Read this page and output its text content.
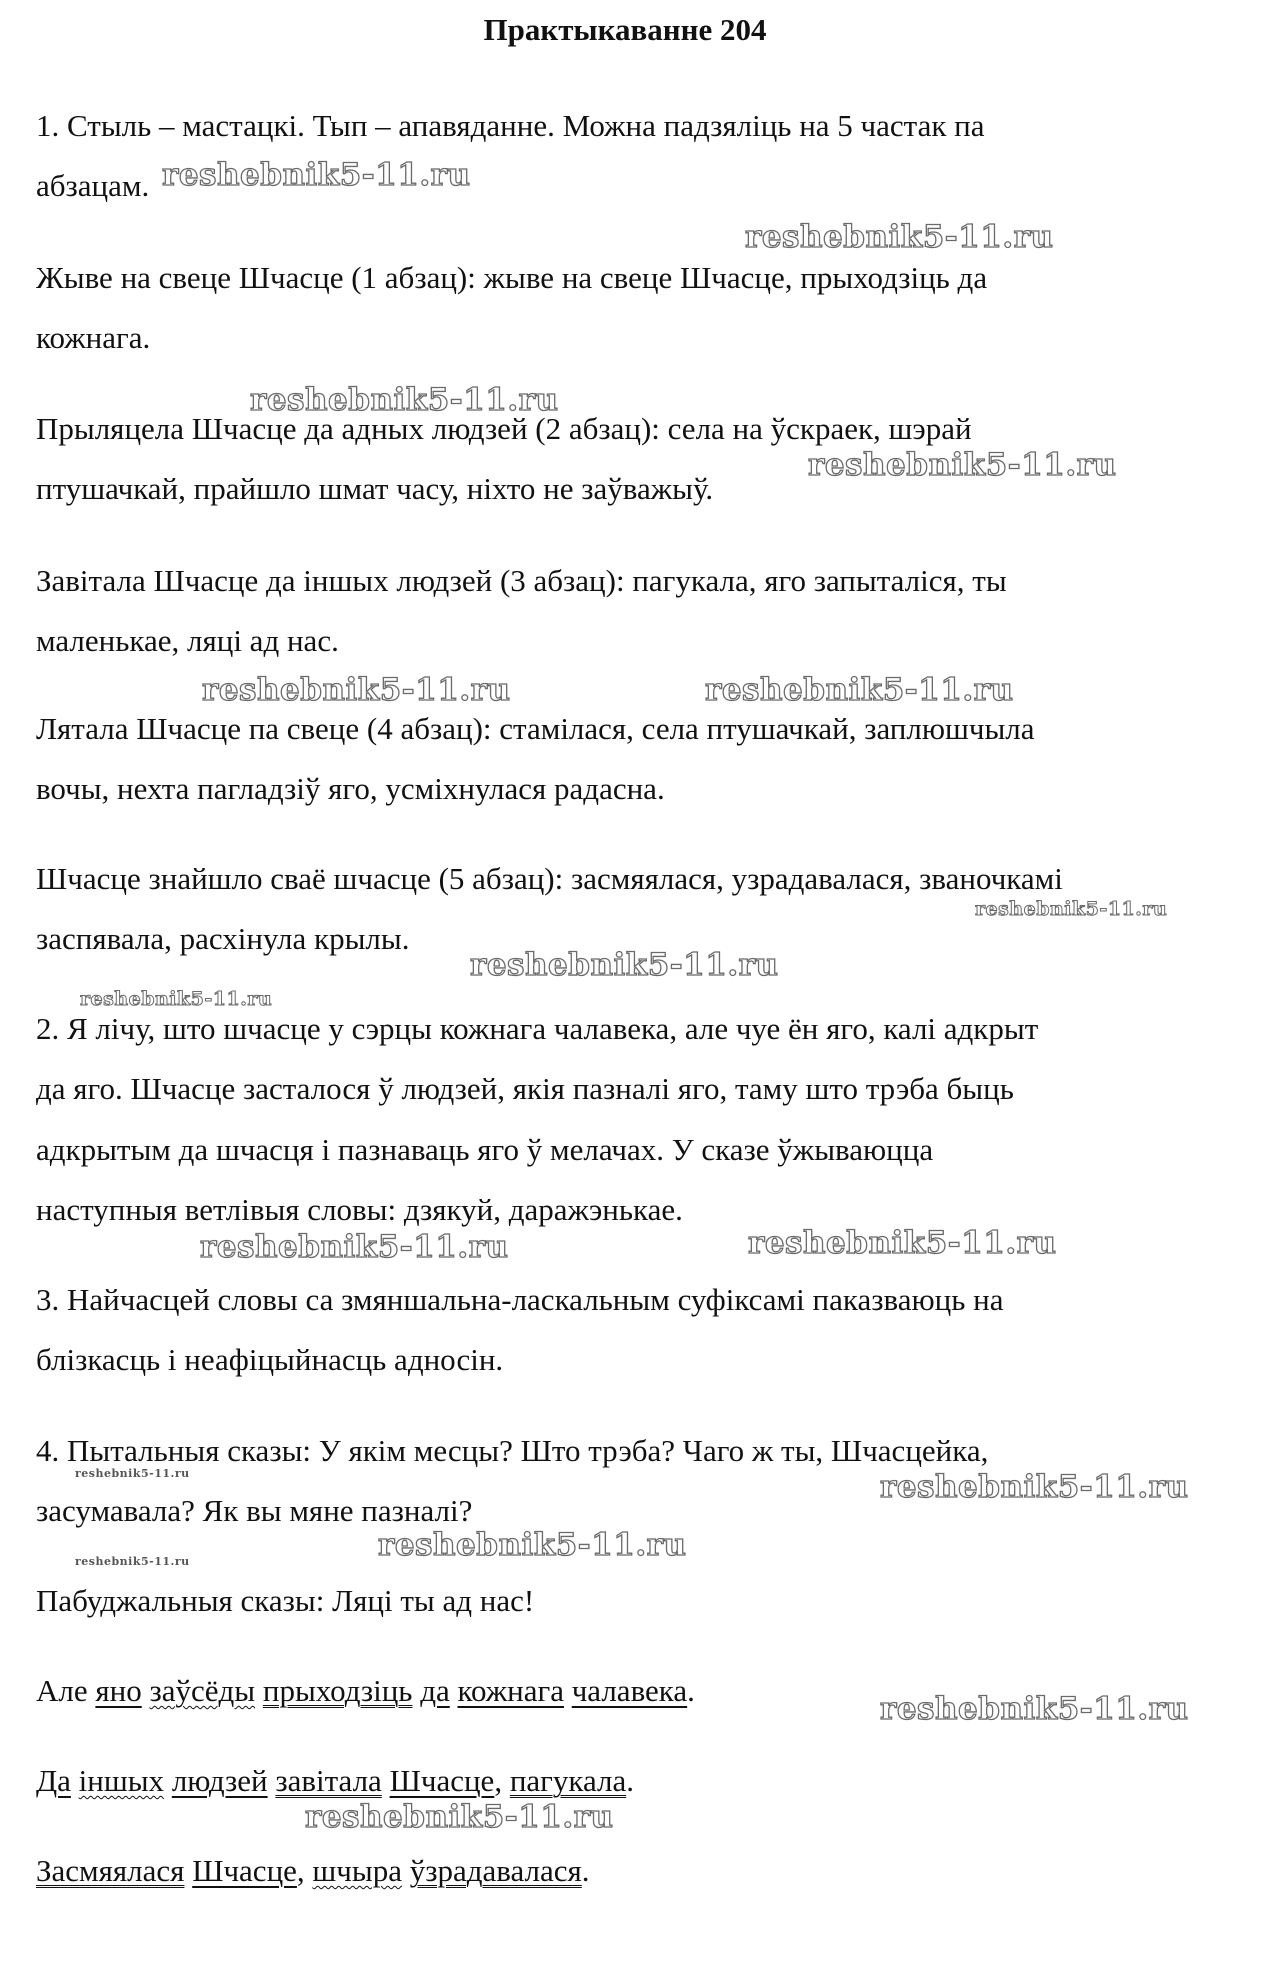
Практыкаванне 204
1. Стыль – мастацкі. Тып – апавяданне. Можна падзяліць на 5 частак па
абзацам.
Жыве на свеце Шчасце (1 абзац): жыве на свеце Шчасце, прыходзіць да
кожнага.
Прыляцела Шчасце да адных людзей (2 абзац): села на ўскраек, шэрай
птушачкай, прайшло шмат часу, ніхто не заўважыў.
Завітала Шчасце да іншых людзей (3 абзац): пагукала, яго запыталіся, ты
маленькае, ляці ад нас.
Лятала Шчасце па свеце (4 абзац): стамілася, села птушачкай, заплюшчыла
вочы, нехта пагладзіў яго, усміхнулася радасна.
Шчасце знайшло сваё шчасце (5 абзац): засмяялася, узрадавалася, званочкамі
заспявала, расхінула крылы.
2. Я лічу, што шчасце у сэрцы кожнага чалавека, але чуе ён яго, калі адкрыт
да яго. Шчасце засталося ў людзей, якія пазналі яго, таму што трэба быць
адкрытым да шчасця і пазнаваць яго ў мелачах. У сказе ўжываюцца
наступныя ветлівыя словы: дзякуй, даражэнькае.
3. Найчасцей словы са змяншальна-ласкальным суфіксамі паказваюць на
блізкасць і неафіцыйнасць адносін.
4. Пытальныя сказы: У якім месцы? Што трэба? Чаго ж ты, Шчасцейка,
засумавала? Як вы мяне пазналі?
Пабуджальныя сказы: Ляці ты ад нас!
Але яно заўсёды прыходзіць да кожнага чалавека.
Да іншых людзей завітала Шчасце, пагукала.
Засмяялася Шчасце, шчыра ўзрадавалася.
reshebnik5-11.ru
reshebnik5-11.ru
reshebnik5-11.ru
reshebnik5-11.ru
reshebnik5-11.ru	reshebnik5-11.ru
reshebnik5-11.ru
reshebnik5-11.ru
reshebnik5-11.ru
reshebnik5-11.ru	reshebnik5-11.ru
reshebnik5-11.ru	reshebnik5-11.ru
reshebnik5-11.ru
reshebnik5-11.ru
reshebnik5-11.ru
reshebnik5-11.ru
